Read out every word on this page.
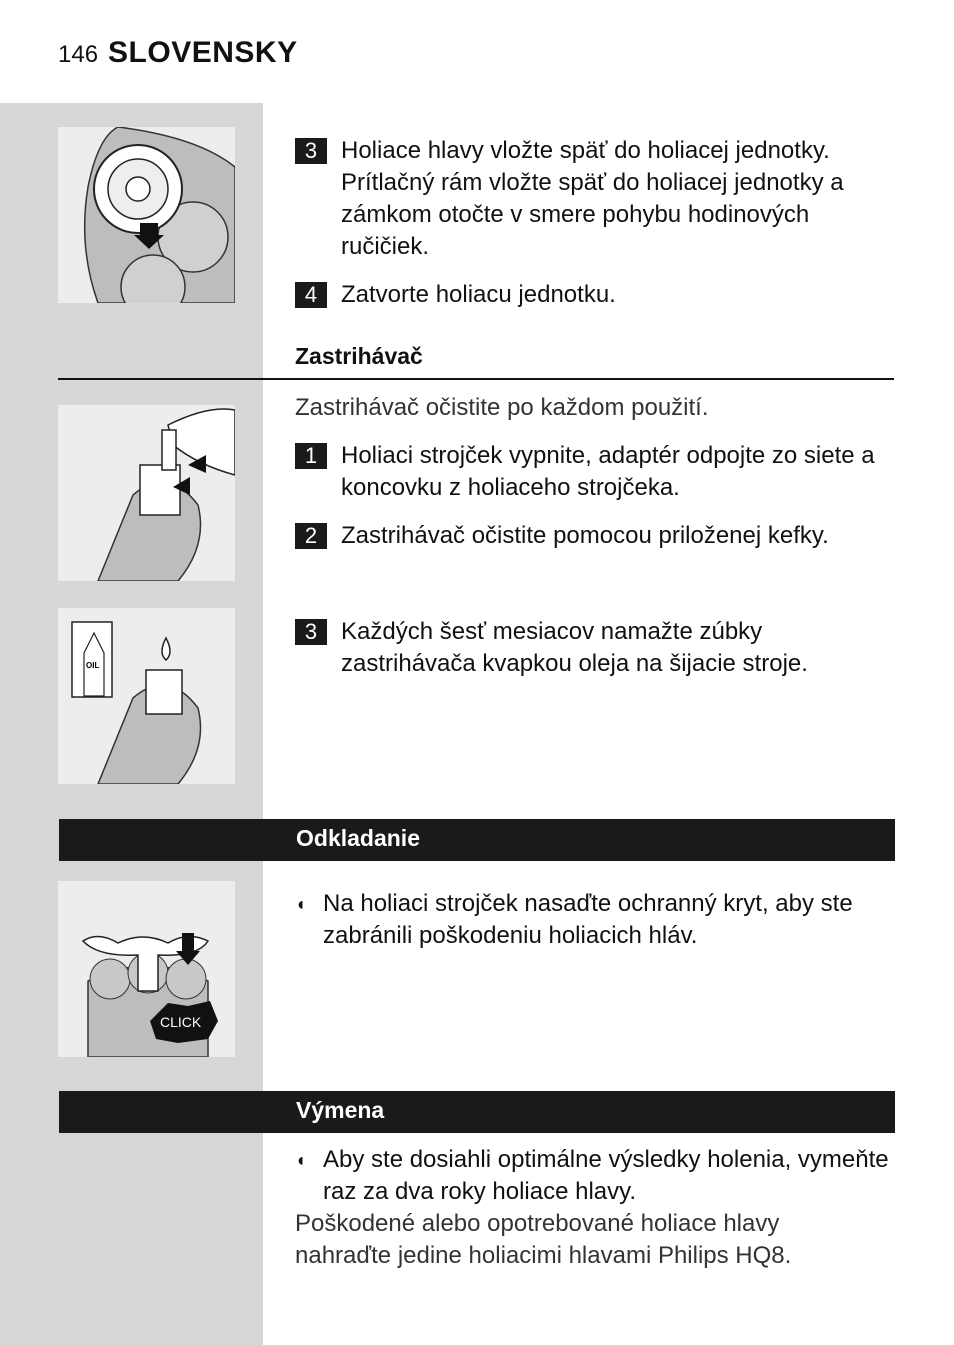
146 SLOVENSKY
3 Holiace hlavy vložte späť do holiacej jednotky. Prítlačný rám vložte späť do holiacej jednotky a zámkom otočte v smere pohybu hodinových ručičiek.
4 Zatvorte holiacu jednotku.
Zastrihávač
Zastrihávač očistite po každom použití.
1 Holiaci strojček vypnite, adaptér odpojte zo siete a koncovku z holiaceho strojčeka.
2 Zastrihávač očistite pomocou priloženej kefky.
OIL
3 Každých šesť mesiacov namažte zúbky zastrihávača kvapkou oleja na šijacie stroje.
Odkladanie
CLICK
◖ Na holiaci strojček nasaďte ochranný kryt, aby ste zabránili poškodeniu holiacich hláv.
Výmena
◖ Aby ste dosiahli optimálne výsledky holenia, vymeňte raz za dva roky holiace hlavy.
Poškodené alebo opotrebované holiace hlavy nahraďte jedine holiacimi hlavami Philips HQ8.
